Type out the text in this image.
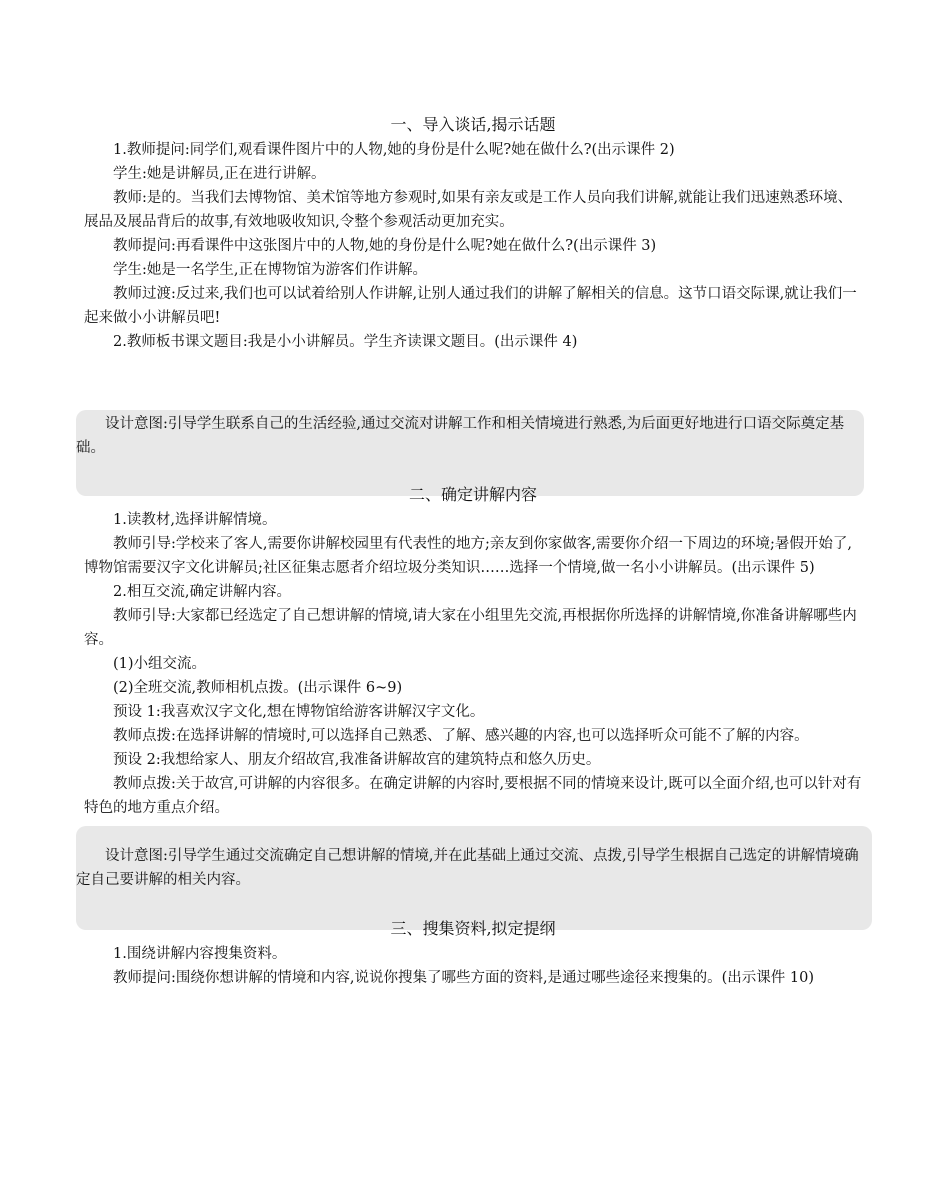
一、导入谈话,揭示话题

1.教师提问:同学们,观看课件图片中的人物,她的身份是什么呢?她在做什么?(出示课件 2)

学生:她是讲解员,正在进行讲解。

教师:是的。当我们去博物馆、美术馆等地方参观时,如果有亲友或是工作人员向我们讲解,就能让我们迅速熟悉环境、展品及展品背后的故事,有效地吸收知识,令整个参观活动更加充实。

教师提问:再看课件中这张图片中的人物,她的身份是什么呢?她在做什么?(出示课件 3)

学生:她是一名学生,正在博物馆为游客们作讲解。

教师过渡:反过来,我们也可以试着给别人作讲解,让别人通过我们的讲解了解相关的信息。这节口语交际课,就让我们一起来做小小讲解员吧!

2.教师板书课文题目:我是小小讲解员。学生齐读课文题目。(出示课件 4)

设计意图:引导学生联系自己的生活经验,通过交流对讲解工作和相关情境进行熟悉,为后面更好地进行口语交际奠定基础。

二、确定讲解内容

1.读教材,选择讲解情境。

教师引导:学校来了客人,需要你讲解校园里有代表性的地方;亲友到你家做客,需要你介绍一下周边的环境;暑假开始了,博物馆需要汉字文化讲解员;社区征集志愿者介绍垃圾分类知识……选择一个情境,做一名小小讲解员。(出示课件 5)

2.相互交流,确定讲解内容。

教师引导:大家都已经选定了自己想讲解的情境,请大家在小组里先交流,再根据你所选择的讲解情境,你准备讲解哪些内容。

(1)小组交流。

(2)全班交流,教师相机点拨。(出示课件 6~9)

预设 1:我喜欢汉字文化,想在博物馆给游客讲解汉字文化。

教师点拨:在选择讲解的情境时,可以选择自己熟悉、了解、感兴趣的内容,也可以选择听众可能不了解的内容。

预设 2:我想给家人、朋友介绍故宫,我准备讲解故宫的建筑特点和悠久历史。

教师点拨:关于故宫,可讲解的内容很多。在确定讲解的内容时,要根据不同的情境来设计,既可以全面介绍,也可以针对有特色的地方重点介绍。

设计意图:引导学生通过交流确定自己想讲解的情境,并在此基础上通过交流、点拨,引导学生根据自己选定的讲解情境确定自己要讲解的相关内容。

三、搜集资料,拟定提纲

1.围绕讲解内容搜集资料。

教师提问:围绕你想讲解的情境和内容,说说你搜集了哪些方面的资料,是通过哪些途径来搜集的。(出示课件 10)
